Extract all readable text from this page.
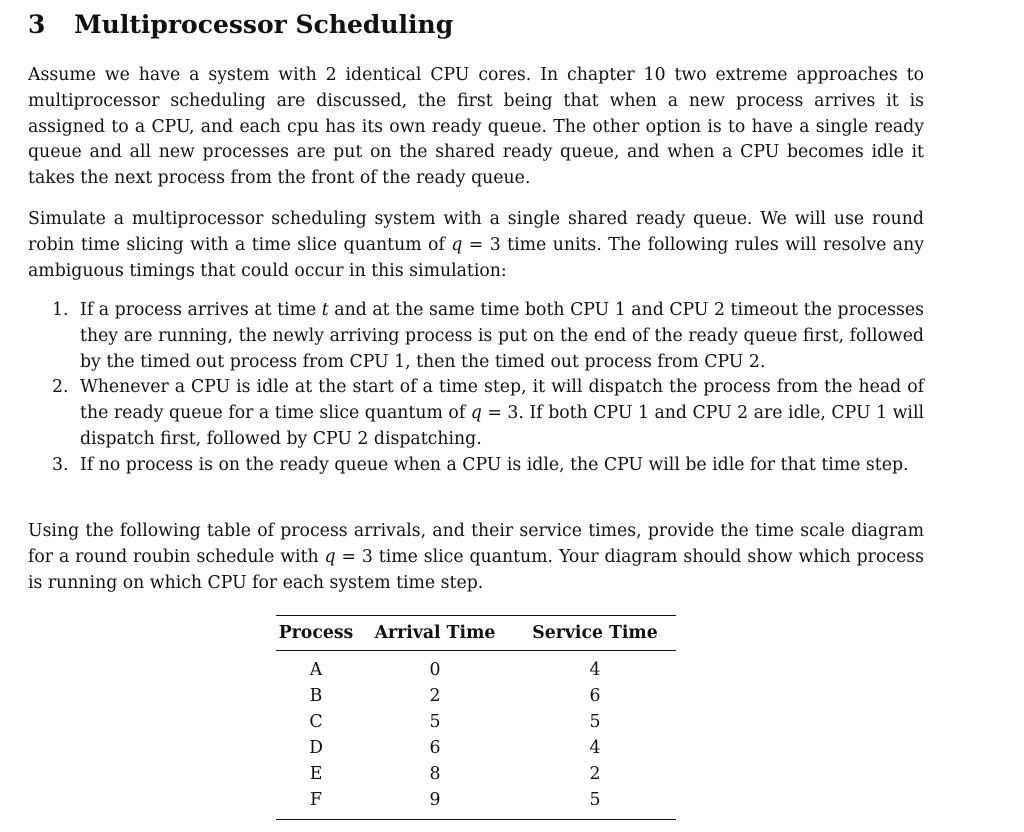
3 Multiprocessor Scheduling

Assume we have a system with 2 identical CPU cores. In chapter 10 two extreme approaches to multiprocessor scheduling are discussed, the first being that when a new process arrives it is assigned to a CPU, and each cpu has its own ready queue. The other option is to have a single ready queue and all new processes are put on the shared ready queue, and when a CPU becomes idle it takes the next process from the front of the ready queue.

Simulate a multiprocessor scheduling system with a single shared ready queue. We will use round robin time slicing with a time slice quantum of q = 3 time units. The following rules will resolve any ambiguous timings that could occur in this simulation:

1. If a process arrives at time t and at the same time both CPU 1 and CPU 2 timeout the processes they are running, the newly arriving process is put on the end of the ready queue first, followed by the timed out process from CPU 1, then the timed out process from CPU 2.
2. Whenever a CPU is idle at the start of a time step, it will dispatch the process from the head of the ready queue for a time slice quantum of q = 3. If both CPU 1 and CPU 2 are idle, CPU 1 will dispatch first, followed by CPU 2 dispatching.
3. If no process is on the ready queue when a CPU is idle, the CPU will be idle for that time step.

Using the following table of process arrivals, and their service times, provide the time scale diagram for a round roubin schedule with q = 3 time slice quantum. Your diagram should show which process is running on which CPU for each system time step.

Process	Arrival Time	Service Time
A	0	4
B	2	6
C	5	5
D	6	4
E	8	2
F	9	5
